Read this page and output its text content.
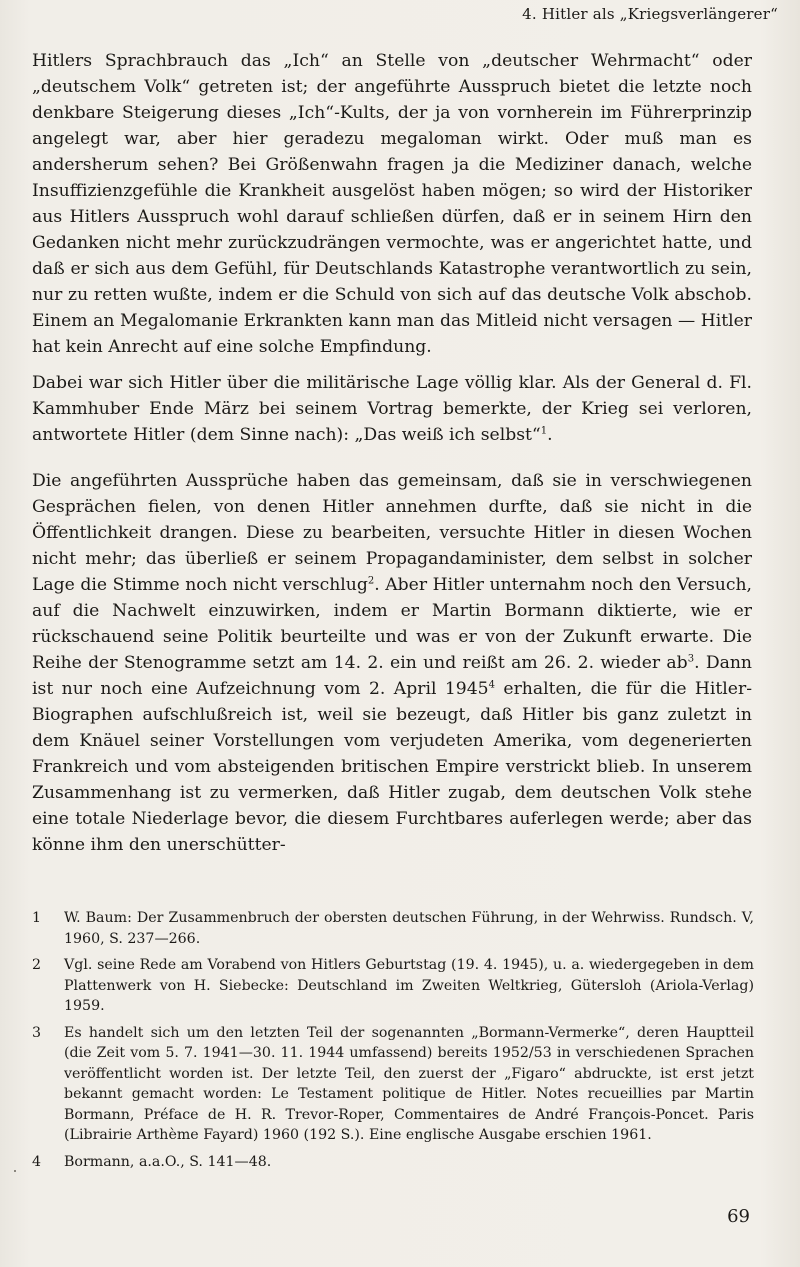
4. Hitler als „Kriegsverlängerer“

Hitlers Sprachbrauch das „Ich“ an Stelle von „deutscher Wehrmacht“ oder „deutschem Volk“ getreten ist; der angeführte Ausspruch bietet die letzte noch denkbare Steigerung dieses „Ich“-Kults, der ja von vornherein im Führerprinzip angelegt war, aber hier geradezu megaloman wirkt. Oder muß man es andersherum sehen? Bei Größenwahn fragen ja die Mediziner danach, welche Insuffizienzgefühle die Krankheit ausgelöst haben mögen; so wird der Historiker aus Hitlers Ausspruch wohl darauf schließen dürfen, daß er in seinem Hirn den Gedanken nicht mehr zurückzudrängen vermochte, was er angerichtet hatte, und daß er sich aus dem Gefühl, für Deutschlands Katastrophe verantwortlich zu sein, nur zu retten wußte, indem er die Schuld von sich auf das deutsche Volk abschob. Einem an Megalomanie Erkrankten kann man das Mitleid nicht versagen — Hitler hat kein Anrecht auf eine solche Empfindung.

Dabei war sich Hitler über die militärische Lage völlig klar. Als der General d. Fl. Kammhuber Ende März bei seinem Vortrag bemerkte, der Krieg sei verloren, antwortete Hitler (dem Sinne nach): „Das weiß ich selbst“$^1$.

Die angeführten Aussprüche haben das gemeinsam, daß sie in verschwiegenen Gesprächen fielen, von denen Hitler annehmen durfte, daß sie nicht in die Öffentlichkeit drangen. Diese zu bearbeiten, versuchte Hitler in diesen Wochen nicht mehr; das überließ er seinem Propagandaminister, dem selbst in solcher Lage die Stimme noch nicht verschlug$^2$. Aber Hitler unternahm noch den Versuch, auf die Nachwelt einzuwirken, indem er Martin Bormann diktierte, wie er rückschauend seine Politik beurteilte und was er von der Zukunft erwarte. Die Reihe der Stenogramme setzt am 14. 2. ein und reißt am 26. 2. wieder $ab^3$. Dann ist nur noch eine Aufzeichnung vom 2. April 1945$^4$ erhalten, die für die Hitler-Biographen aufschlußreich ist, weil sie bezeugt, daß Hitler bis ganz zuletzt in dem Knäuel seiner Vorstellungen vom verjudeten Amerika, vom degenerierten Frankreich und vom absteigenden britischen Empire verstrickt blieb. In unserem Zusammenhang ist zu vermerken, daß Hitler zugab, dem deutschen Volk stehe eine totale Niederlage bevor, die diesem Furchtbares auferlegen werde; aber das könne ihm den unerschütter-

1	W. Baum: Der Zusammenbruch der obersten deutschen Führung, in der Wehrwiss. Rundsch. V, 1960, S. 237—266.
2	Vgl. seine Rede am Vorabend von Hitlers Geburtstag (19. 4. 1945), u. a. wiedergegeben in dem Plattenwerk von H. Siebecke: Deutschland im Zweiten Weltkrieg, Gütersloh (Ariola-Verlag) 1959.
3	Es handelt sich um den letzten Teil der sogenannten „Bormann-Vermerke“, deren Hauptteil (die Zeit vom 5. 7. 1941—30. 11. 1944 umfassend) bereits 1952/53 in verschiedenen Sprachen veröffentlicht worden ist. Der letzte Teil, den zuerst der „Figaro“ abdruckte, ist erst jetzt bekannt gemacht worden: Le Testament politique de Hitler. Notes recueillies par Martin Bormann, Préface de H. R. Trevor-Roper, Commentaires de André François-Poncet. Paris (Librairie Arthème Fayard) 1960 (192 S.). Eine englische Ausgabe erschien 1961.
4	Bormann, a.a.O., S. 141—48.
69
